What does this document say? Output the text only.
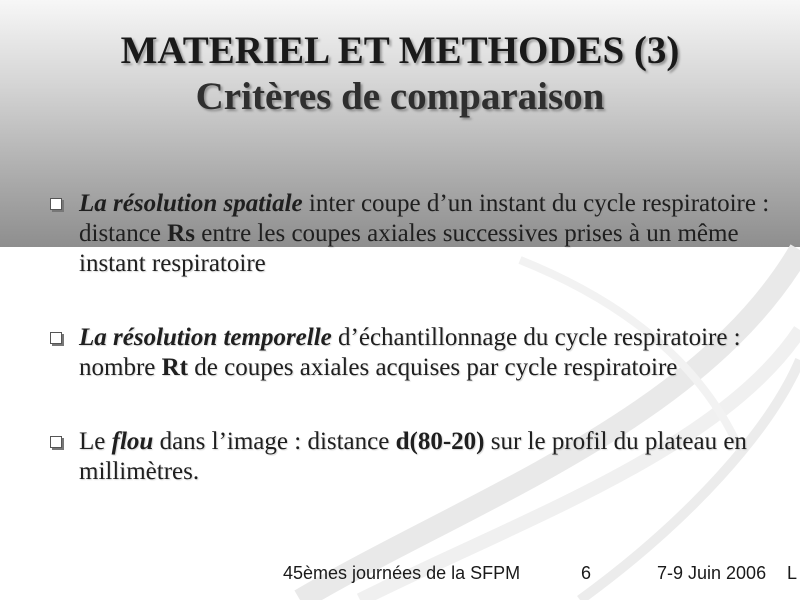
MATERIEL ET METHODES (3)
Critères de comparaison

La résolution spatiale inter coupe d’un instant du cycle respiratoire : distance Rs entre les coupes axiales successives prises à un même instant respiratoire

La résolution temporelle d’échantillonnage du cycle respiratoire : nombre Rt de coupes axiales acquises par cycle respiratoire

Le flou dans l’image : distance d(80-20) sur le profil du plateau en millimètres.

45èmes journées de la SFPM	6	7-9 Juin 2006 L
